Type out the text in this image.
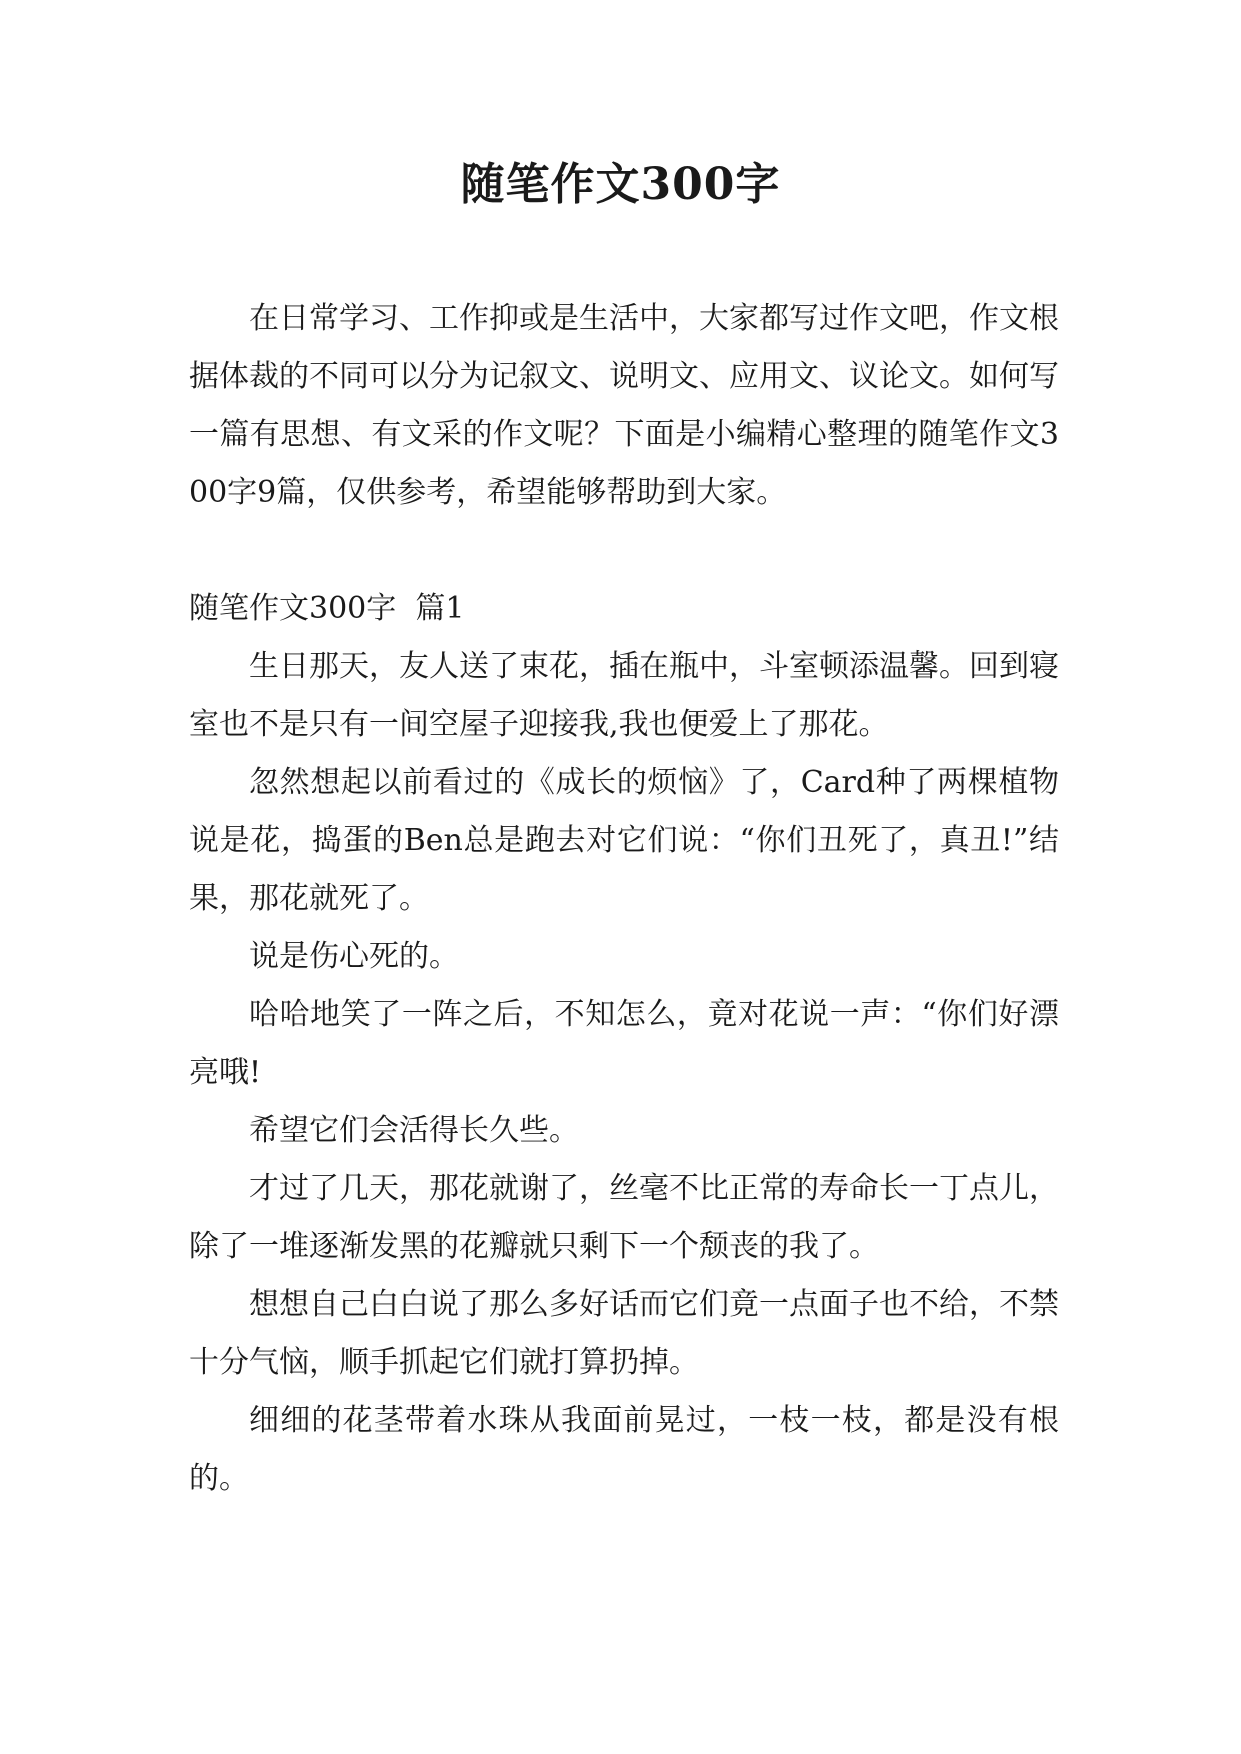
随笔作文300字

在日常学习、工作抑或是生活中，大家都写过作文吧，作文根据体裁的不同可以分为记叙文、说明文、应用文、议论文。如何写一篇有思想、有文采的作文呢？下面是小编精心整理的随笔作文300字9篇，仅供参考，希望能够帮助到大家。

随笔作文300字  篇1

生日那天，友人送了束花，插在瓶中，斗室顿添温馨。回到寝室也不是只有一间空屋子迎接我,我也便爱上了那花。

忽然想起以前看过的《成长的烦恼》了，Card种了两棵植物说是花，捣蛋的Ben总是跑去对它们说：“你们丑死了，真丑!”结果，那花就死了。

说是伤心死的。

哈哈地笑了一阵之后，不知怎么，竟对花说一声：“你们好漂亮哦!

希望它们会活得长久些。

才过了几天，那花就谢了，丝毫不比正常的寿命长一丁点儿，除了一堆逐渐发黑的花瓣就只剩下一个颓丧的我了。

想想自己白白说了那么多好话而它们竟一点面子也不给，不禁十分气恼，顺手抓起它们就打算扔掉。

细细的花茎带着水珠从我面前晃过，一枝一枝，都是没有根的。
